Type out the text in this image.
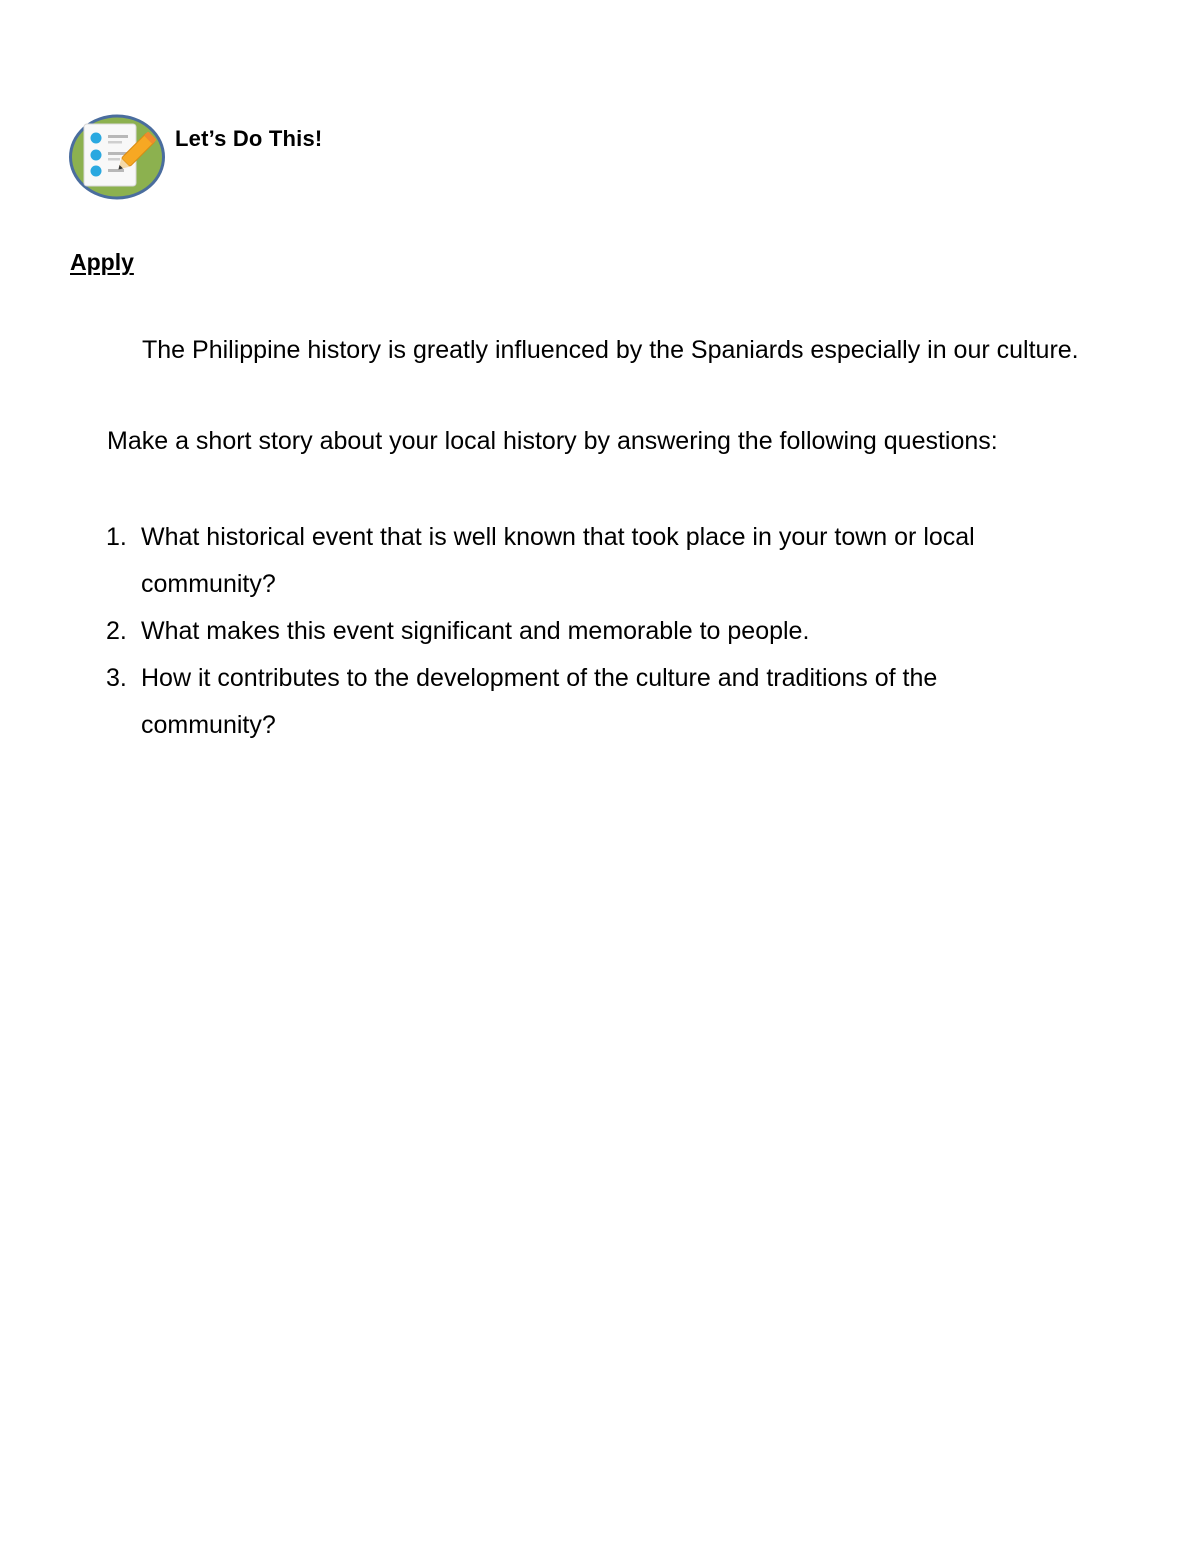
Let’s Do This!
Apply

The Philippine history is greatly influenced by the Spaniards especially in our culture.

Make a short story about your local history by answering the following questions:
1. What historical event that is well known that took place in your town or local community?
2. What makes this event significant and memorable to people.
3. How it contributes to the development of the culture and traditions of the community?
